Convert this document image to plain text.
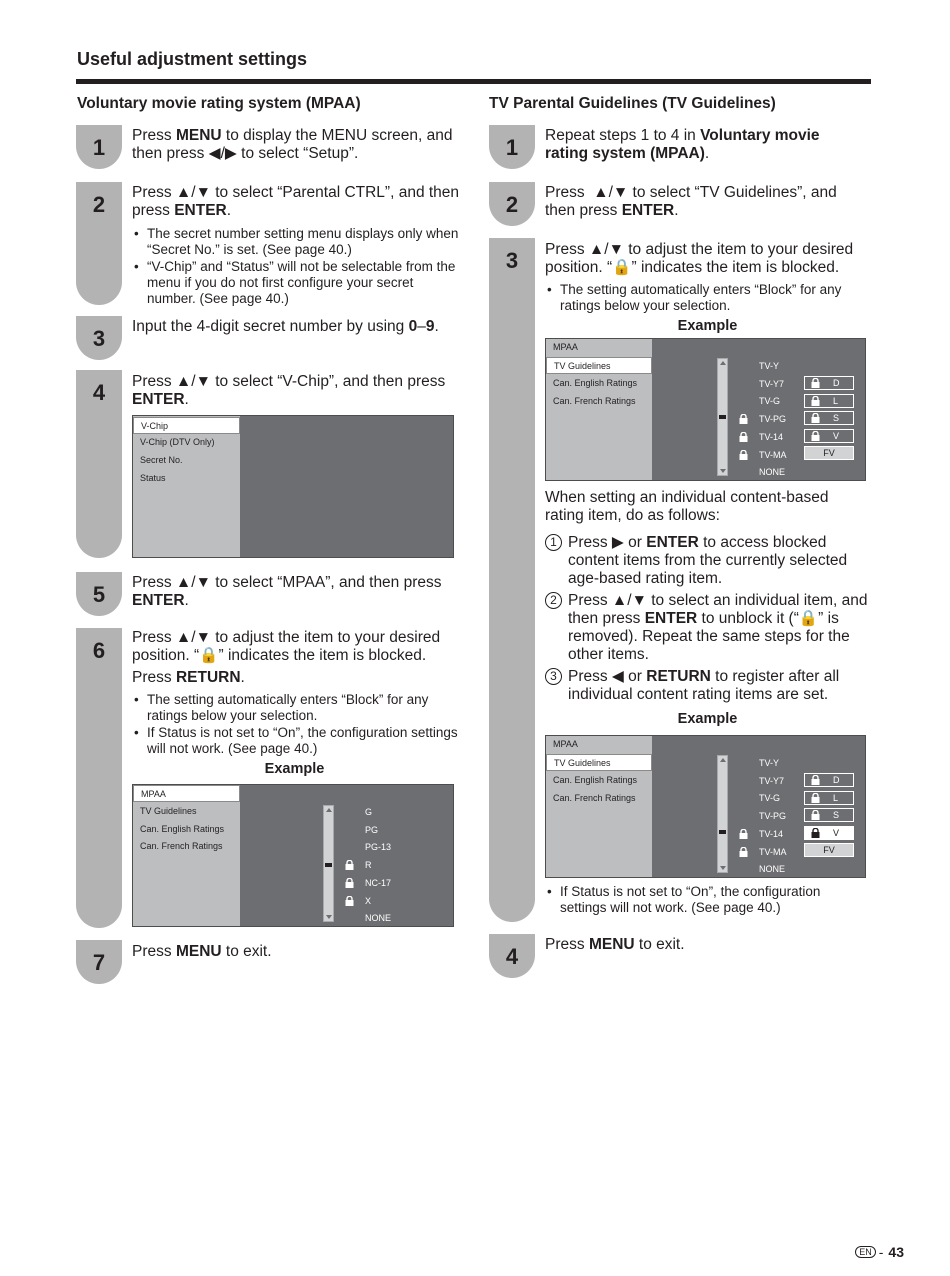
Useful adjustment settings
Voluntary movie rating system (MPAA)
1
2
3
4
5
6
7
Press MENU to display the MENU screen, and then press ◀/▶ to select “Setup”.
Press ▲/▼ to select “Parental CTRL”, and then press ENTER.
• The secret number setting menu displays only when “Secret No.” is set. (See page 40.)
• “V-Chip” and “Status” will not be selectable from the menu if you do not first configure your secret number. (See page 40.)
Input the 4-digit secret number by using 0–9.
Press ▲/▼ to select “V-Chip”, and then press ENTER.
V-Chip
V-Chip (DTV Only)
Secret No.
Status
Press ▲/▼ to select “MPAA”, and then press ENTER.
Press ▲/▼ to adjust the item to your desired position. “🔒” indicates the item is blocked.
Press RETURN.
• The setting automatically enters “Block” for any ratings below your selection.
• If Status is not set to “On”, the configuration settings will not work. (See page 40.)
Example
MPAA
TV Guidelines
Can. English Ratings
Can. French Ratings
G
PG
PG-13
R
NC-17
X
NONE
Press MENU to exit.
TV Parental Guidelines (TV Guidelines)
1
2
3
4
Repeat steps 1 to 4 in Voluntary movie rating system (MPAA).
Press  ▲/▼ to select “TV Guidelines”, and then press ENTER.
Press ▲/▼ to adjust the item to your desired position. “🔒” indicates the item is blocked.
• The setting automatically enters “Block” for any ratings below your selection.
Example
MPAA
TV Guidelines
Can. English Ratings
Can. French Ratings
TV-Y
TV-Y7
TV-G
TV-PG
TV-14
TV-MA
NONE
D
L
S
V
FV
When setting an individual content-based rating item, do as follows:
1 Press ▶ or ENTER to access blocked content items from the currently selected age-based rating item.
2 Press ▲/▼ to select an individual item, and then press ENTER to unblock it (“🔒” is removed). Repeat the same steps for the other items.
3 Press ◀ or RETURN to register after all individual content rating items are set.
Example
MPAA
TV Guidelines
Can. English Ratings
Can. French Ratings
TV-Y
TV-Y7
TV-G
TV-PG
TV-14
TV-MA
NONE
D
L
S
V
FV
• If Status is not set to “On”, the configuration settings will not work. (See page 40.)
Press MENU to exit.
EN - 43
